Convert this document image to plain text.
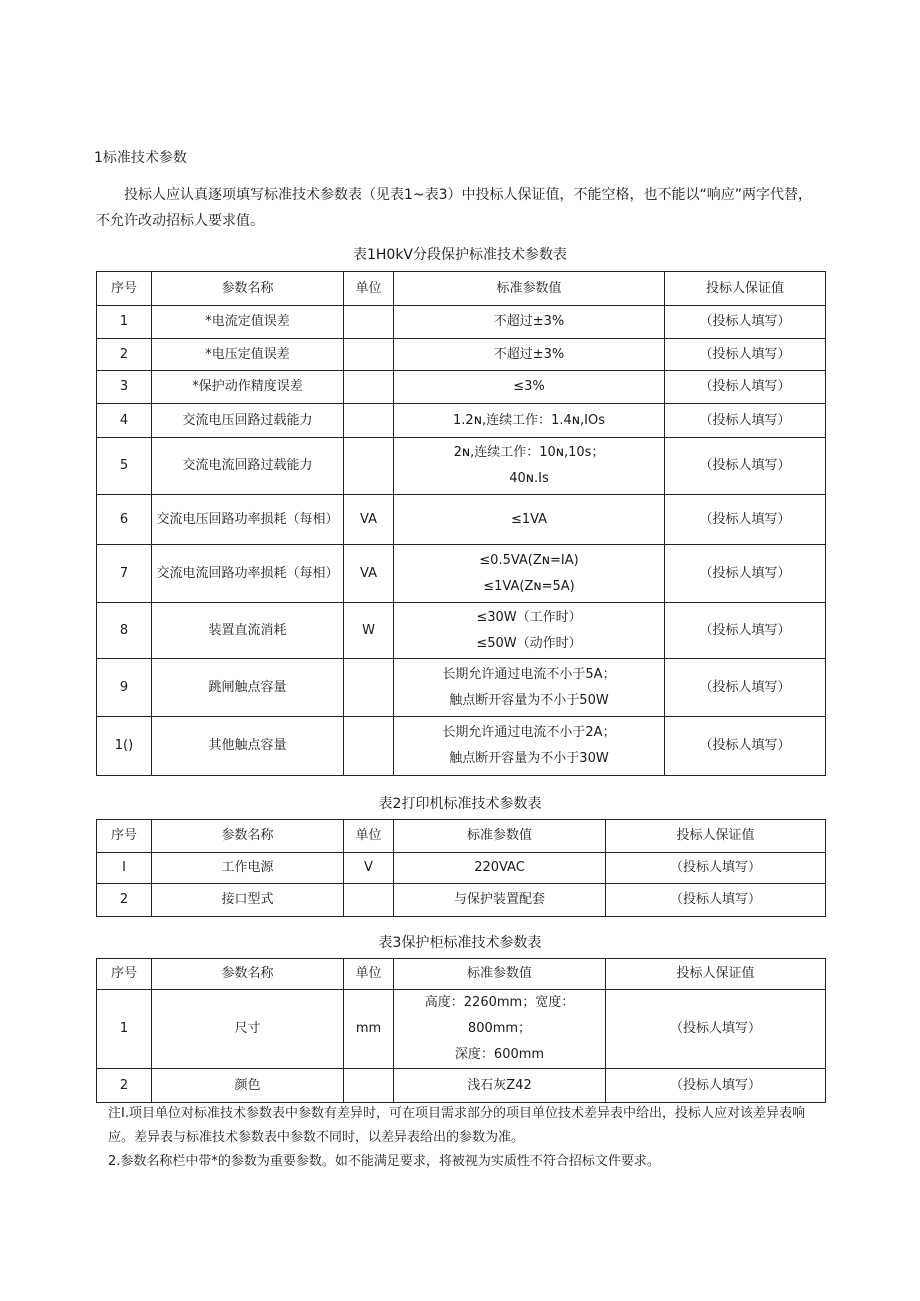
1标准技术参数
投标人应认真逐项填写标准技术参数表（见表1~表3）中投标人保证值，不能空格，也不能以“响应”两字代替，不允许改动招标人要求值。
表1H0kV分段保护标准技术参数表
序号	参数名称	单位	标准参数值	投标人保证值
1	*电流定值误差		不超过±3%	（投标人填写）
2	*电压定值误差		不超过±3%	（投标人填写）
3	*保护动作精度误差		≤3%	（投标人填写）
4	交流电压回路过载能力		1.2ɴ,连续工作：1.4ɴ,IOs	（投标人填写）
5	交流电流回路过载能力		2ɴ,连续工作：10ɴ,10s；
40ɴ.Is	（投标人填写）
6	交流电压回路功率损耗（每相）	VA	≤1VA	（投标人填写）
7	交流电流回路功率损耗（每相）	VA	≤0.5VA(Zɴ=IA)
≤1VA(Zɴ=5A)	（投标人填写）
8	装置直流消耗	W	≤30W（工作时）
≤50W（动作时）	（投标人填写）
9	跳闸触点容量		长期允许通过电流不小于5A；
触点断开容量为不小于50W	（投标人填写）
1()	其他触点容量		长期允许通过电流不小于2A；
触点断开容量为不小于30W	（投标人填写）
表2打印机标准技术参数表
序号	参数名称	单位	标准参数值	投标人保证值
I	工作电源	V	220VAC	（投标人填写）
2	接口型式		与保护装置配套	（投标人填写）
表3保护柜标准技术参数表
序号	参数名称	单位	标准参数值	投标人保证值
1	尺寸	mm	高度：2260mm；宽度：800mm；
深度：600mm	（投标人填写）
2	颜色		浅石灰Z42	（投标人填写）

注I.项目单位对标准技术参数表中参数有差异时，可在项目需求部分的项目单位技术差异表中给出，投标人应对该差异表响应。差异表与标准技术参数表中参数不同时，以差异表给出的参数为准。

2.参数名称栏中带*的参数为重要参数。如不能满足要求，将被视为实质性不符合招标文件要求。
